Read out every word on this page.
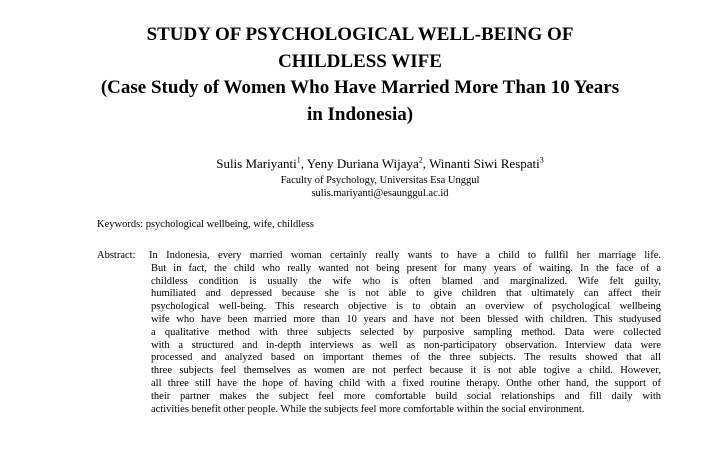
STUDY OF PSYCHOLOGICAL WELL-BEING OF
CHILDLESS WIFE
(Case Study of Women Who Have Married More Than 10 Years
in Indonesia)
Sulis Mariyanti$^1$, Yeny Duriana Wijaya$^2$, Winanti Siwi Respati$^3$
Faculty of Psychology, Universitas Esa Unggul
sulis.mariyanti@esaunggul.ac.id
Keywords: psychological wellbeing, wife, childless
Abstract: In Indonesia, every married woman certainly really wants to have a child to fullfil her marriage life.
But in fact, the child who really wanted not being present for many years of waiting. In the face of a
childless condition is usually the wife who is often blamed and marginalized. Wife felt guilty,
humiliated and depressed because she is not able to give children that ultimately can affect their
psychological well-being. This research objective is to obtain an overview of psychological wellbeing
wife who have been married more than 10 years and have not been blessed with children. This studyused
a qualitative method with three subjects selected by purposive sampling method. Data were collected
with a structured and in-depth interviews as well as non-participatory observation. Interview data were
processed and analyzed based on important themes of the three subjects. The results showed that all
three subjects feel themselves as women are not perfect because it is not able togive a child. However,
all three still have the hope of having child with a fixed routine therapy. Onthe other hand, the support of
their partner makes the subject feel more comfortable build social relationships and fill daily with
activities benefit other people. While the subjects feel more comfortable within the social environment.
